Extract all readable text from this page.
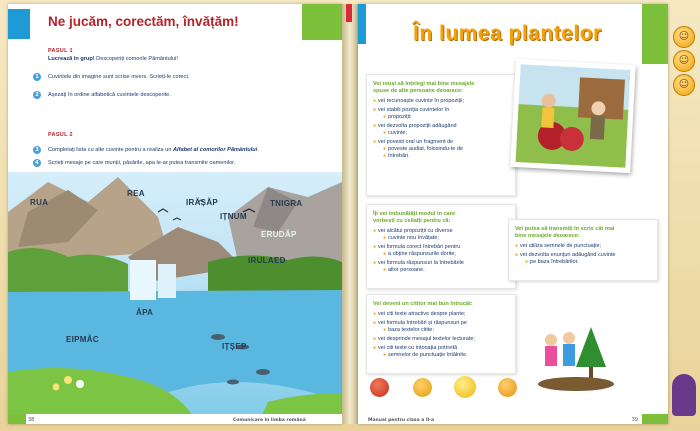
Ne jucăm, corectăm, învățăm!
PASUL 1
Lucrează în grup! Descoperiți comorile Pământului!
1	Cuvintele din imagine sunt scrise invers. Scrieți-le corect.
2	Așezați în ordine alfabetică cuvintele descoperite.
PASUL 2
3	Completați lista cu alte cuvinte pentru a realiza un Alfabet al comorilor Pământului.
4	Scrieți mesaje pe care munții, păsările, apa le-ar putea transmite oamenilor.
RUA
REA
IRĂȘĂP
IȚNUM
TNIGRA
ERUDĂP
IRULAED
ĂPA
EIPMĂC
IȚȘEP
38	Comunicare în limba română
În lumea plantelor
Vei reuși să înțelegi mai bine mesajele
spuse de alte persoane deoarece:
● vei recunoaște cuvinte în propoziții;
● vei stabili poziția cuvintelor în
● propoziții;
● vei dezvolta propoziții adăugând
● cuvinte;
● vei povesti oral un fragment de
● poveste audiat, folosindu-te de
● întrebări.
Îți vei îmbunătăți modul în care
vorbești cu ceilalți pentru că:
● vei alcătui propoziții cu diverse
● cuvinte nou învățate;
● vei formula corect întrebări pentru
● a obține răspunsurile dorite;
● vei formula răspunsuri la întrebările
● altor persoane.
Vei putea să transmiți în scris cât mai
bine mesajele deoarece:
● vei utiliza semnele de punctuație;
● vei dezvolta enunțuri adăugând cuvinte
● pe baza întrebărilor.
Vei deveni un cititor mai bun întrucât:
● vei citi texte atractive despre plante;
● vei formula întrebări și răspunsuri pe
● baza textelor citite;
● vei desprinde mesajul textelor lecturate;
● vei citi texte cu intonația potrivită
● semnelor de punctuație întâlnite.
Manual pentru clasa a II-a	39
☺
☺
☺
